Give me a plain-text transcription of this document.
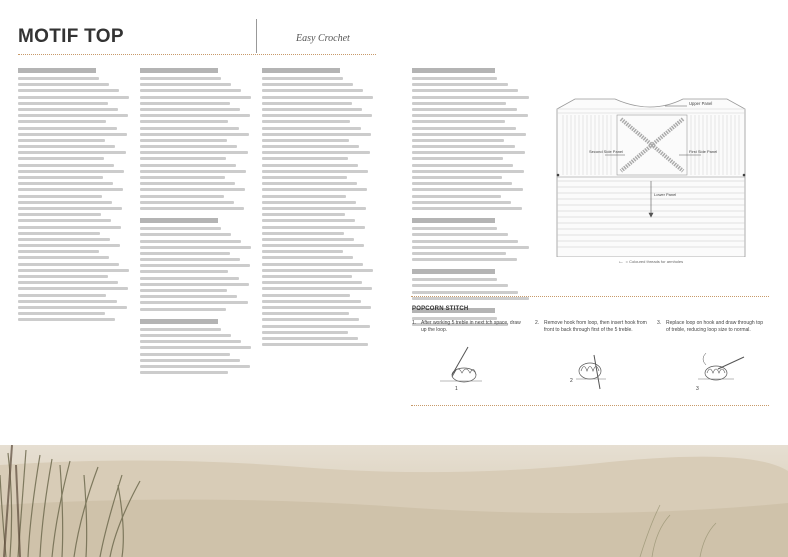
MOTIF TOP	Easy Crochet
Upper Panel
Second Side Panel	First Side Panel
Lower Panel
← = Coloured threads for armholes
POPCORN STITCH
1. After working 5 treble in next tch space, draw
up the loop.
2. Remove hook from loop, then insert hook from
front to back through first of the 5 treble.
3. Replace loop on hook and draw through top
of treble, reducing loop size to normal.
1
2
3
